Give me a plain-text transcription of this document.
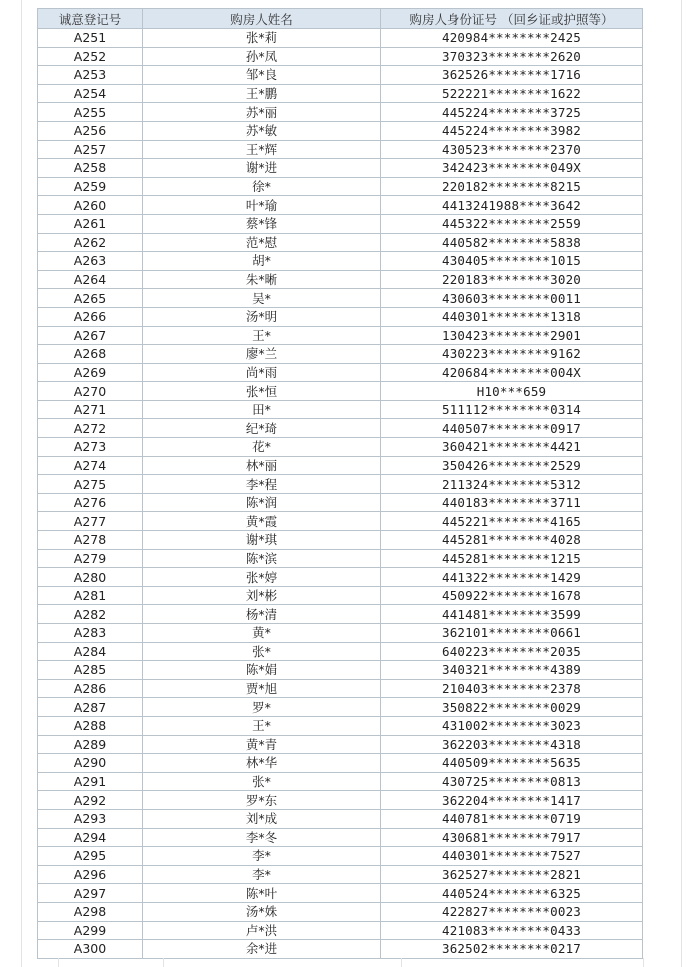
诚意登记号	购房人姓名	购房人身份证号 （回乡证或护照等）
A251	张*莉	420984********2425
A252	孙*凤	370323********2620
A253	邹*良	362526********1716
A254	王*鹏	522221********1622
A255	苏*丽	445224********3725
A256	苏*敏	445224********3982
A257	王*辉	430523********2370
A258	谢*进	342423********049X
A259	徐*	220182********8215
A260	叶*瑜	4413241988****3642
A261	蔡*锋	445322********2559
A262	范*慰	440582********5838
A263	胡*	430405********1015
A264	朱*晰	220183********3020
A265	吴*	430603********0011
A266	汤*明	440301********1318
A267	王*	130423********2901
A268	廖*兰	430223********9162
A269	尚*雨	420684********004X
A270	张*恒	H10***659
A271	田*	511112********0314
A272	纪*琦	440507********0917
A273	花*	360421********4421
A274	林*丽	350426********2529
A275	李*程	211324********5312
A276	陈*润	440183********3711
A277	黄*霞	445221********4165
A278	谢*琪	445281********4028
A279	陈*滨	445281********1215
A280	张*婷	441322********1429
A281	刘*彬	450922********1678
A282	杨*清	441481********3599
A283	黄*	362101********0661
A284	张*	640223********2035
A285	陈*娟	340321********4389
A286	贾*旭	210403********2378
A287	罗*	350822********0029
A288	王*	431002********3023
A289	黄*青	362203********4318
A290	林*华	440509********5635
A291	张*	430725********0813
A292	罗*东	362204********1417
A293	刘*成	440781********0719
A294	李*冬	430681********7917
A295	李*	440301********7527
A296	李*	362527********2821
A297	陈*叶	440524********6325
A298	汤*姝	422827********0023
A299	卢*洪	421083********0433
A300	余*进	362502********0217
